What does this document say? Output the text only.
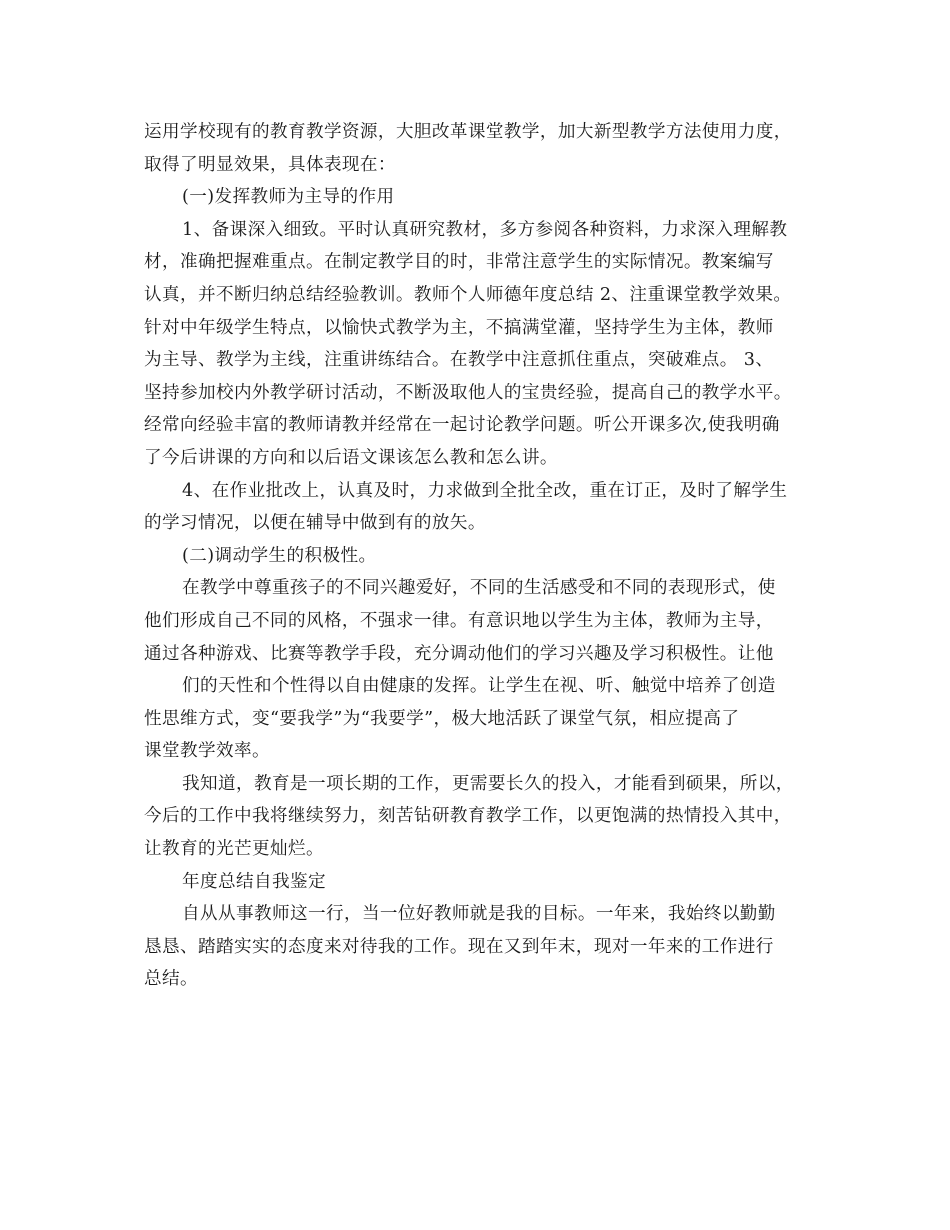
运用学校现有的教育教学资源，大胆改革课堂教学，加大新型教学方法使用力度，
取得了明显效果，具体表现在：
(一)发挥教师为主导的作用
1、备课深入细致。平时认真研究教材，多方参阅各种资料，力求深入理解教
材，准确把握难重点。在制定教学目的时，非常注意学生的实际情况。教案编写
认真，并不断归纳总结经验教训。教师个人师德年度总结 2、注重课堂教学效果。
针对中年级学生特点，以愉快式教学为主，不搞满堂灌，坚持学生为主体，教师
为主导、教学为主线，注重讲练结合。在教学中注意抓住重点，突破难点。 3、
坚持参加校内外教学研讨活动，不断汲取他人的宝贵经验，提高自己的教学水平。
经常向经验丰富的教师请教并经常在一起讨论教学问题。听公开课多次,使我明确
了今后讲课的方向和以后语文课该怎么教和怎么讲。
4、在作业批改上，认真及时，力求做到全批全改，重在订正，及时了解学生
的学习情况，以便在辅导中做到有的放矢。
(二)调动学生的积极性。
在教学中尊重孩子的不同兴趣爱好，不同的生活感受和不同的表现形式，使
他们形成自己不同的风格，不强求一律。有意识地以学生为主体，教师为主导，
通过各种游戏、比赛等教学手段，充分调动他们的学习兴趣及学习积极性。让他
们的天性和个性得以自由健康的发挥。让学生在视、听、触觉中培养了创造
性思维方式，变“要我学”为“我要学”，极大地活跃了课堂气氛，相应提高了
课堂教学效率。
我知道，教育是一项长期的工作，更需要长久的投入，才能看到硕果，所以，
今后的工作中我将继续努力，刻苦钻研教育教学工作，以更饱满的热情投入其中，
让教育的光芒更灿烂。
年度总结自我鉴定
自从从事教师这一行，当一位好教师就是我的目标。一年来，我始终以勤勤
恳恳、踏踏实实的态度来对待我的工作。现在又到年末，现对一年来的工作进行
总结。
